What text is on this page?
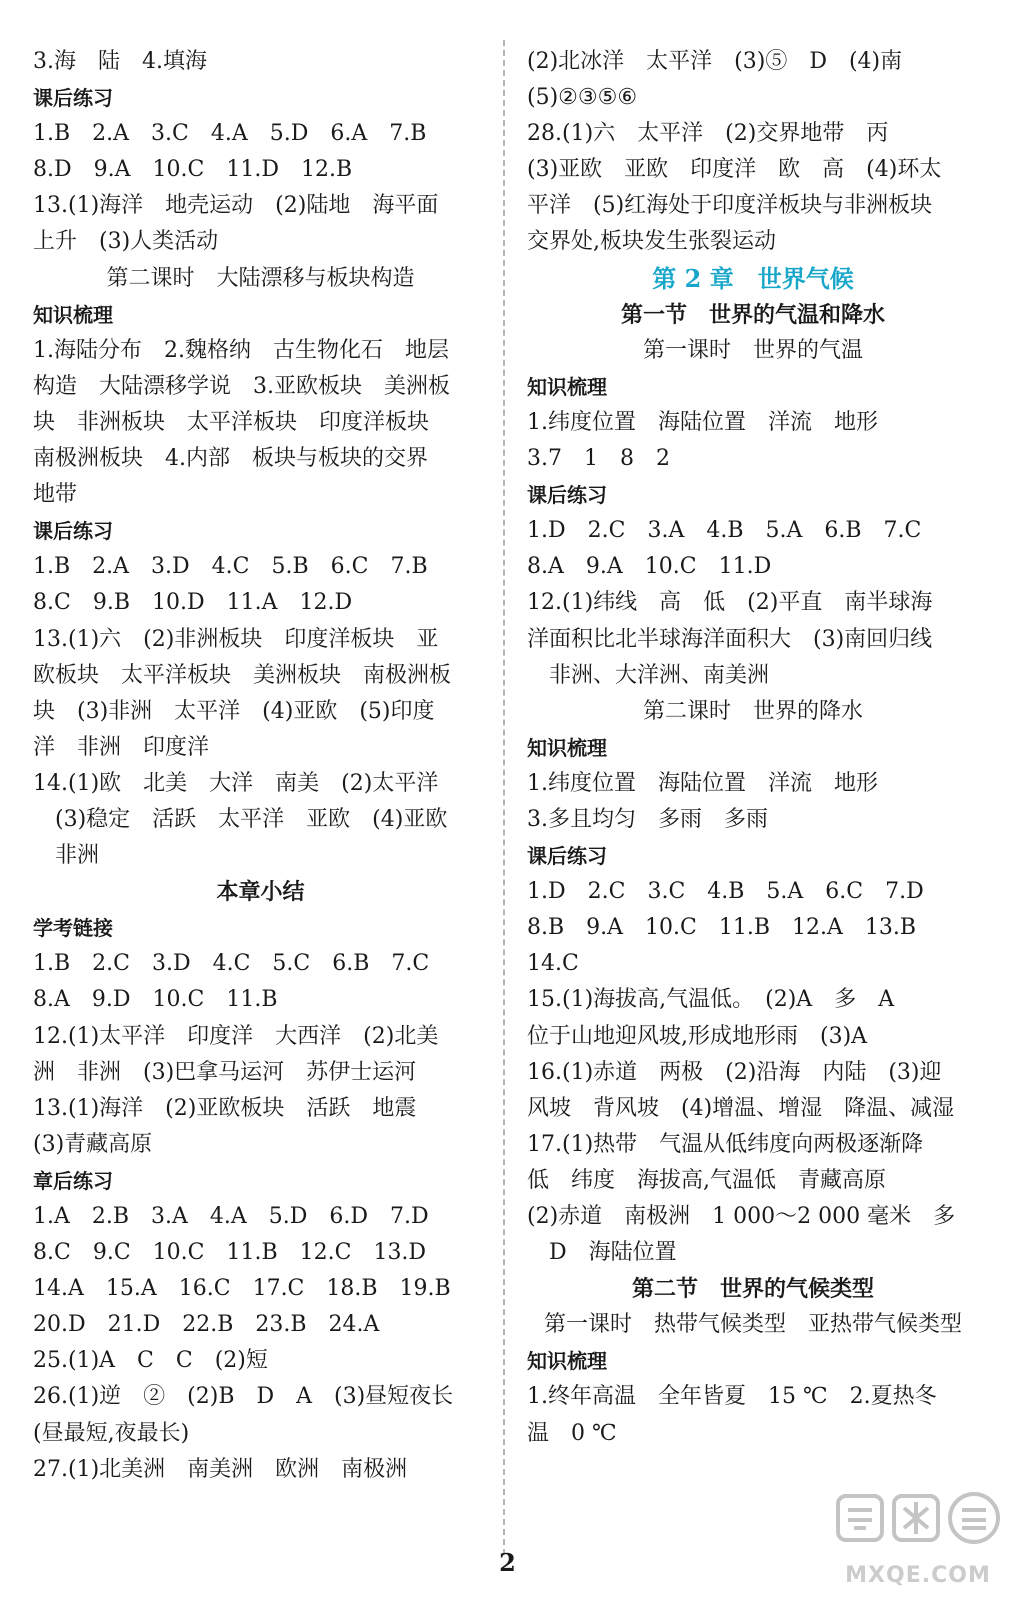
3.海　陆　4.填海
课后练习
1.B　2.A　3.C　4.A　5.D　6.A　7.B
8.D　9.A　10.C　11.D　12.B
13.(1)海洋　地壳运动　(2)陆地　海平面
上升　(3)人类活动
第二课时　大陆漂移与板块构造
知识梳理
1.海陆分布　2.魏格纳　古生物化石　地层
构造　大陆漂移学说　3.亚欧板块　美洲板
块　非洲板块　太平洋板块　印度洋板块
南极洲板块　4.内部　板块与板块的交界
地带
课后练习
1.B　2.A　3.D　4.C　5.B　6.C　7.B
8.C　9.B　10.D　11.A　12.D
13.(1)六　(2)非洲板块　印度洋板块　亚
欧板块　太平洋板块　美洲板块　南极洲板
块　(3)非洲　太平洋　(4)亚欧　(5)印度
洋　非洲　印度洋
14.(1)欧　北美　大洋　南美　(2)太平洋
(3)稳定　活跃　太平洋　亚欧　(4)亚欧
非洲
本章小结
学考链接
1.B　2.C　3.D　4.C　5.C　6.B　7.C
8.A　9.D　10.C　11.B
12.(1)太平洋　印度洋　大西洋　(2)北美
洲　非洲　(3)巴拿马运河　苏伊士运河
13.(1)海洋　(2)亚欧板块　活跃　地震
(3)青藏高原
章后练习
1.A　2.B　3.A　4.A　5.D　6.D　7.D
8.C　9.C　10.C　11.B　12.C　13.D
14.A　15.A　16.C　17.C　18.B　19.B
20.D　21.D　22.B　23.B　24.A
25.(1)A　C　C　(2)短
26.(1)逆　②　(2)B　D　A　(3)昼短夜长
(昼最短,夜最长)
27.(1)北美洲　南美洲　欧洲　南极洲
(2)北冰洋　太平洋　(3)⑤　D　(4)南
(5)②③⑤⑥
28.(1)六　太平洋　(2)交界地带　丙
(3)亚欧　亚欧　印度洋　欧　高　(4)环太
平洋　(5)红海处于印度洋板块与非洲板块
交界处,板块发生张裂运动
第 2 章　世界气候
第一节　世界的气温和降水
第一课时　世界的气温
知识梳理
1.纬度位置　海陆位置　洋流　地形
3.7　1　8　2
课后练习
1.D　2.C　3.A　4.B　5.A　6.B　7.C
8.A　9.A　10.C　11.D
12.(1)纬线　高　低　(2)平直　南半球海
洋面积比北半球海洋面积大　(3)南回归线
非洲、大洋洲、南美洲
第二课时　世界的降水
知识梳理
1.纬度位置　海陆位置　洋流　地形
3.多且均匀　多雨　多雨
课后练习
1.D　2.C　3.C　4.B　5.A　6.C　7.D
8.B　9.A　10.C　11.B　12.A　13.B
14.C
15.(1)海拔高,气温低。　(2)A　多　A
位于山地迎风坡,形成地形雨　(3)A
16.(1)赤道　两极　(2)沿海　内陆　(3)迎
风坡　背风坡　(4)增温、增湿　降温、减湿
17.(1)热带　气温从低纬度向两极逐渐降
低　纬度　海拔高,气温低　青藏高原
(2)赤道　南极洲　1 000～2 000 毫米　多
D　海陆位置
第二节　世界的气候类型
第一课时　热带气候类型　亚热带气候类型
知识梳理
1.终年高温　全年皆夏　15 ℃　2.夏热冬
温　0 ℃
2	MXQE.COM
